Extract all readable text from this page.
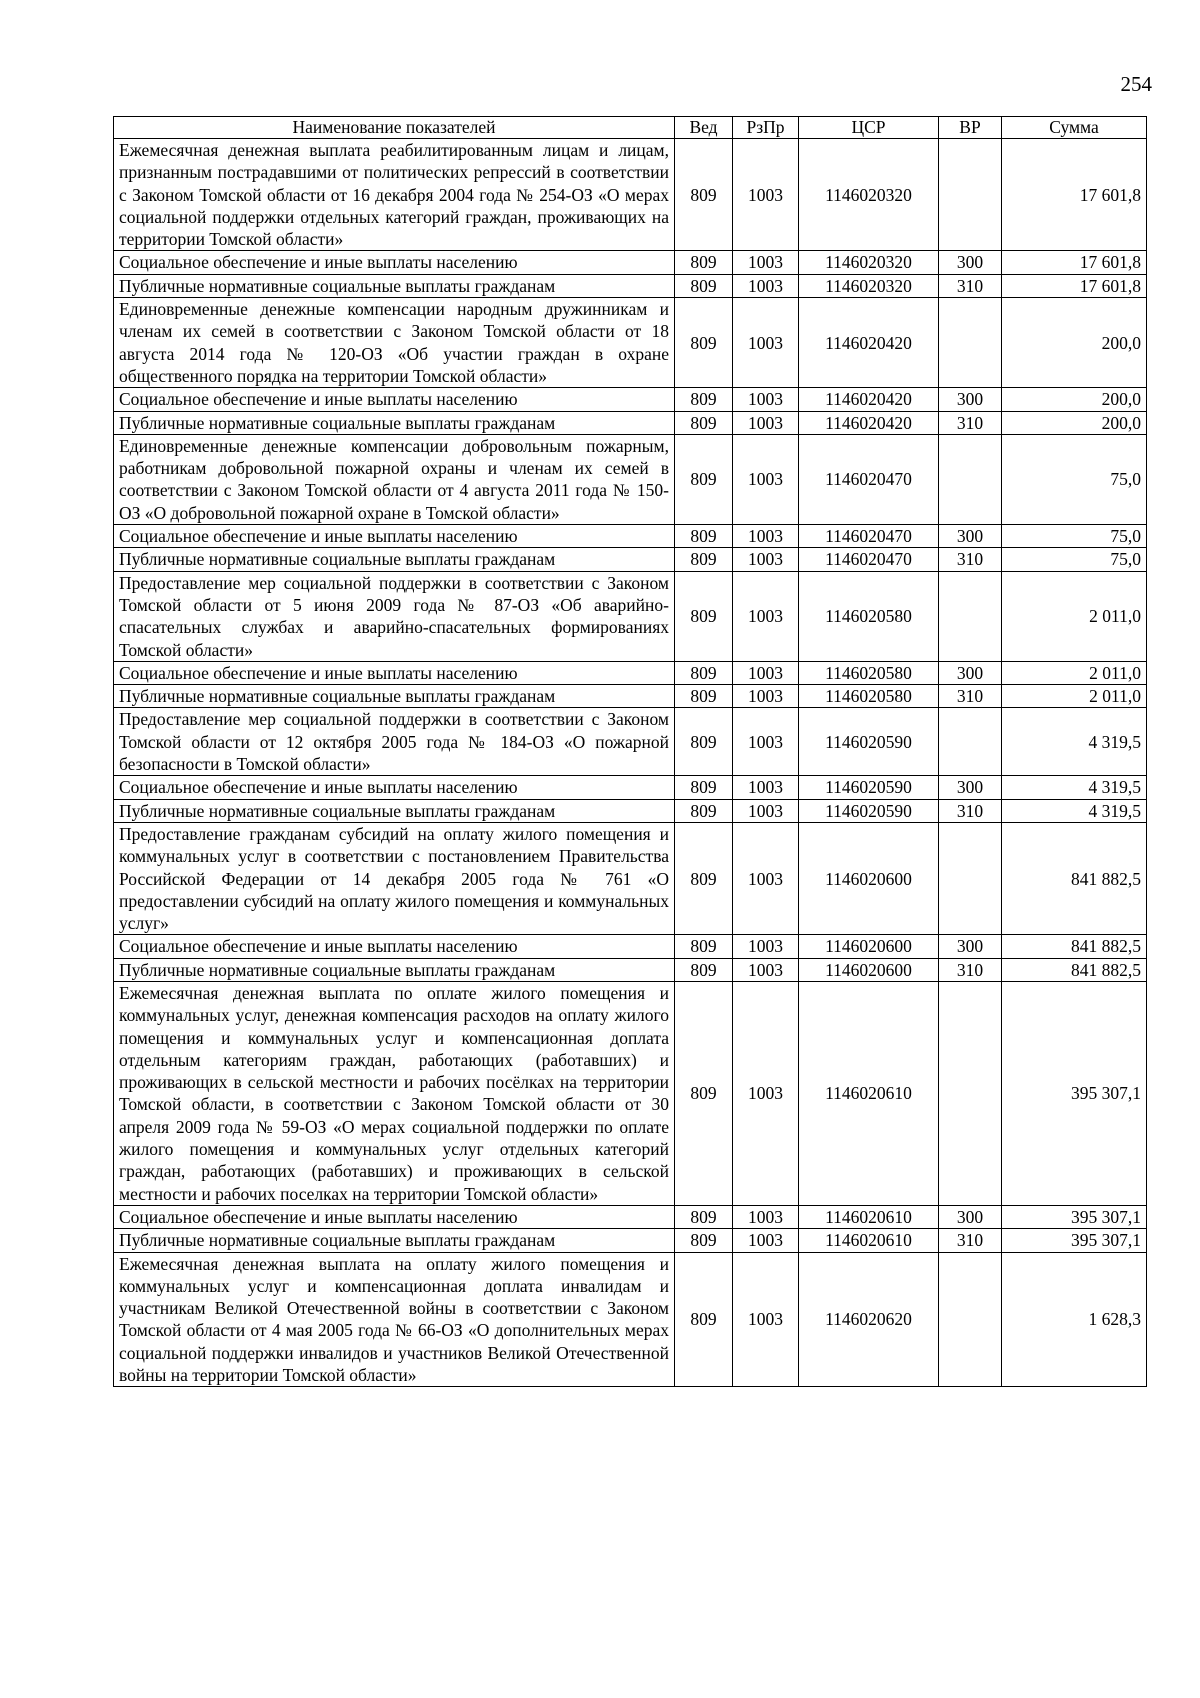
254
Наименование показателей	Вед	РзПр	ЦСР	ВР	Сумма
Ежемесячная денежная выплата реабилитированным лицам и лицам, признанным пострадавшими от политических репрессий в соответствии с Законом Томской области от 16 декабря 2004 года № 254-ОЗ «О мерах социальной поддержки отдельных категорий граждан, проживающих на территории Томской области»	809	1003	1146020320		17 601,8
Социальное обеспечение и иные выплаты населению	809	1003	1146020320	300	17 601,8
Публичные нормативные социальные выплаты гражданам	809	1003	1146020320	310	17 601,8
Единовременные денежные компенсации народным дружинникам и членам их семей в соответствии с Законом Томской области от 18 августа 2014 года № 120-ОЗ «Об участии граждан в охране общественного порядка на территории Томской области»	809	1003	1146020420		200,0
Социальное обеспечение и иные выплаты населению	809	1003	1146020420	300	200,0
Публичные нормативные социальные выплаты гражданам	809	1003	1146020420	310	200,0
Единовременные денежные компенсации добровольным пожарным, работникам добровольной пожарной охраны и членам их семей в соответствии с Законом Томской области от 4 августа 2011 года № 150-ОЗ «О добровольной пожарной охране в Томской области»	809	1003	1146020470		75,0
Социальное обеспечение и иные выплаты населению	809	1003	1146020470	300	75,0
Публичные нормативные социальные выплаты гражданам	809	1003	1146020470	310	75,0
Предоставление мер социальной поддержки в соответствии с Законом Томской области от 5 июня 2009 года № 87-ОЗ «Об аварийно-спасательных службах и аварийно-спасательных формированиях Томской области»	809	1003	1146020580		2 011,0
Социальное обеспечение и иные выплаты населению	809	1003	1146020580	300	2 011,0
Публичные нормативные социальные выплаты гражданам	809	1003	1146020580	310	2 011,0
Предоставление мер социальной поддержки в соответствии с Законом Томской области от 12 октября 2005 года № 184-ОЗ «О пожарной безопасности в Томской области»	809	1003	1146020590		4 319,5
Социальное обеспечение и иные выплаты населению	809	1003	1146020590	300	4 319,5
Публичные нормативные социальные выплаты гражданам	809	1003	1146020590	310	4 319,5
Предоставление гражданам субсидий на оплату жилого помещения и коммунальных услуг в соответствии с постановлением Правительства Российской Федерации от 14 декабря 2005 года № 761 «О предоставлении субсидий на оплату жилого помещения и коммунальных услуг»	809	1003	1146020600		841 882,5
Социальное обеспечение и иные выплаты населению	809	1003	1146020600	300	841 882,5
Публичные нормативные социальные выплаты гражданам	809	1003	1146020600	310	841 882,5
Ежемесячная денежная выплата по оплате жилого помещения и коммунальных услуг, денежная компенсация расходов на оплату жилого помещения и коммунальных услуг и компенсационная доплата отдельным категориям граждан, работающих (работавших) и проживающих в сельской местности и рабочих посёлках на территории Томской области, в соответствии с Законом Томской области от 30 апреля 2009 года № 59-ОЗ «О мерах социальной поддержки по оплате жилого помещения и коммунальных услуг отдельных категорий граждан, работающих (работавших) и проживающих в сельской местности и рабочих поселках на территории Томской области»	809	1003	1146020610		395 307,1
Социальное обеспечение и иные выплаты населению	809	1003	1146020610	300	395 307,1
Публичные нормативные социальные выплаты гражданам	809	1003	1146020610	310	395 307,1
Ежемесячная денежная выплата на оплату жилого помещения и коммунальных услуг и компенсационная доплата инвалидам и участникам Великой Отечественной войны в соответствии с Законом Томской области от 4 мая 2005 года № 66-ОЗ «О дополнительных мерах социальной поддержки инвалидов и участников Великой Отечественной войны на территории Томской области»	809	1003	1146020620		1 628,3
